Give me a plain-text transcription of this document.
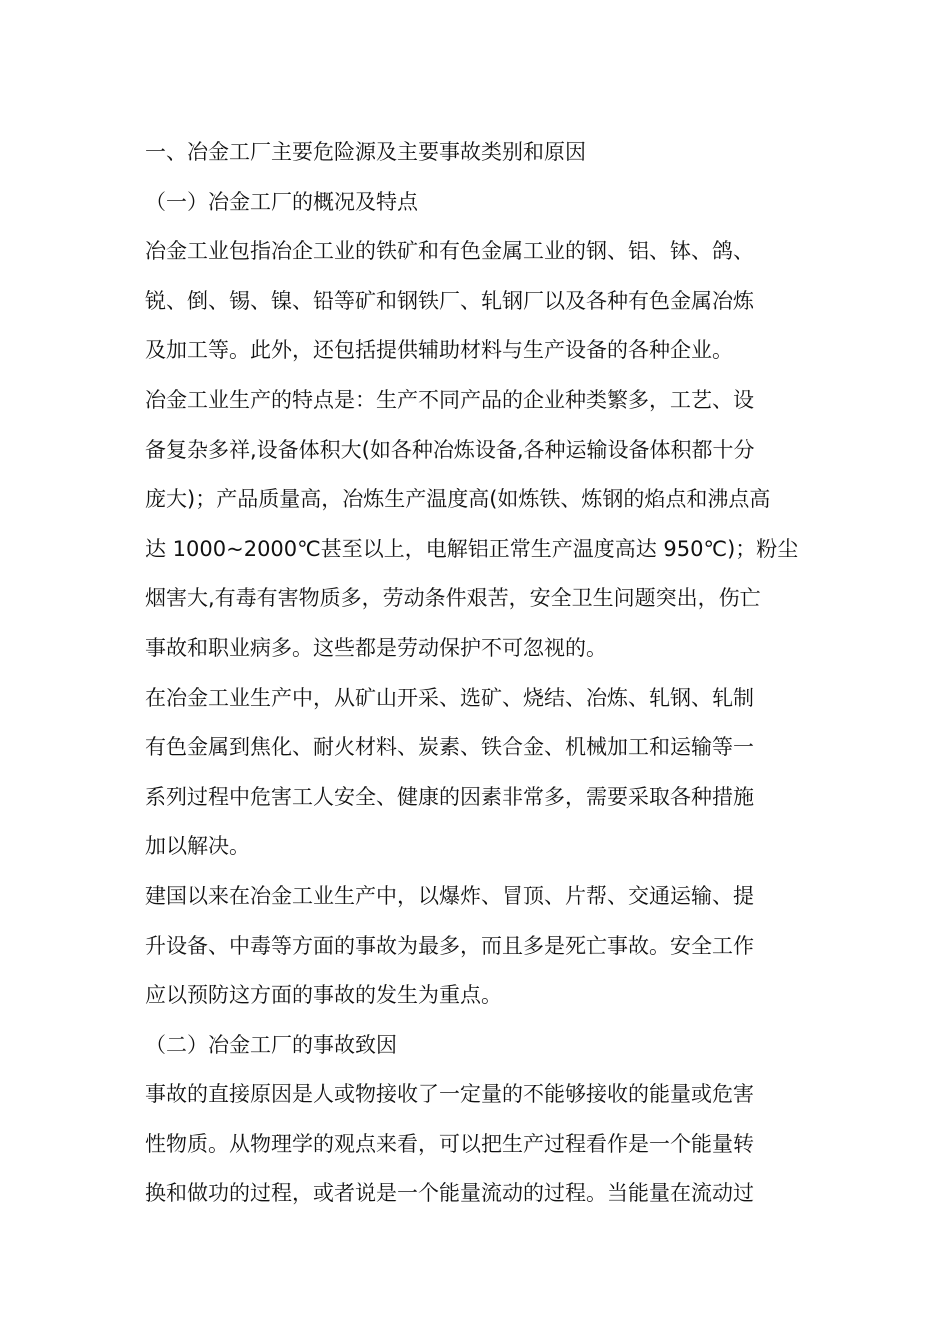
一、冶金工厂主要危险源及主要事故类别和原因

（一）冶金工厂的概况及特点

冶金工业包指冶企工业的铁矿和有色金属工业的钢、铝、钵、鸽、

锐、倒、锡、镍、铅等矿和钢铁厂、轧钢厂以及各种有色金属冶炼

及加工等。此外，还包括提供辅助材料与生产设备的各种企业。

冶金工业生产的特点是：生产不同产品的企业种类繁多，工艺、设

备复杂多祥,设备体积大(如各种冶炼设备,各种运输设备体积都十分

庞大)；产品质量高，冶炼生产温度高(如炼铁、炼钢的焰点和沸点高

达 1000~2000℃甚至以上，电解铝正常生产温度高达 950℃)；粉尘

烟害大,有毒有害物质多，劳动条件艰苦，安全卫生问题突出，伤亡

事故和职业病多。这些都是劳动保护不可忽视的。

在冶金工业生产中，从矿山开采、选矿、烧结、冶炼、轧钢、轧制

有色金属到焦化、耐火材料、炭素、铁合金、机械加工和运输等一

系列过程中危害工人安全、健康的因素非常多，需要采取各种措施

加以解决。

建国以来在冶金工业生产中，以爆炸、冒顶、片帮、交通运输、提

升设备、中毒等方面的事故为最多，而且多是死亡事故。安全工作

应以预防这方面的事故的发生为重点。

（二）冶金工厂的事故致因

事故的直接原因是人或物接收了一定量的不能够接收的能量或危害

性物质。从物理学的观点来看，可以把生产过程看作是一个能量转

换和做功的过程，或者说是一个能量流动的过程。当能量在流动过
